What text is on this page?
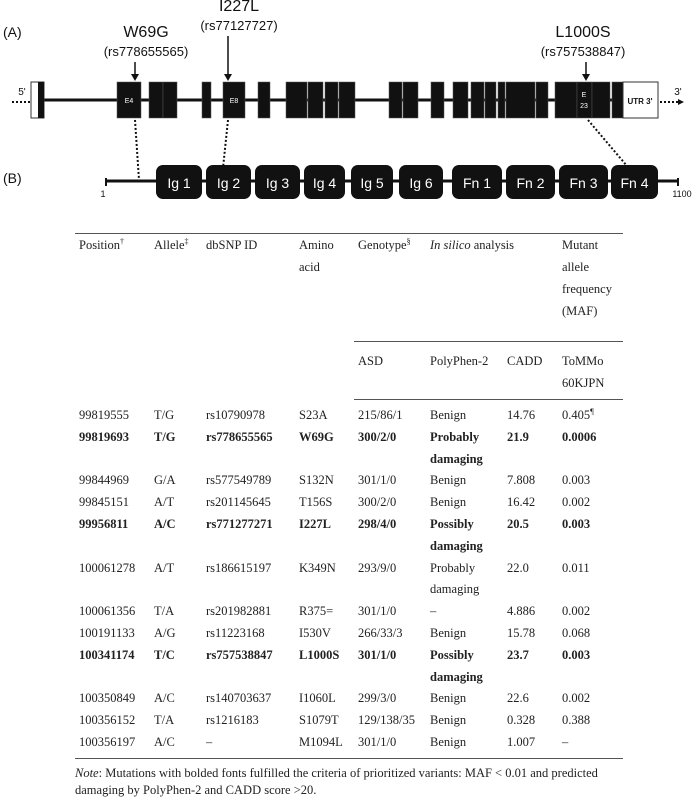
UTR 3'
E4	E8
E
23
5'	3'
Ig 1 Ig 2 Ig 3 Ig 4 Ig 5 Ig 6 Fn 1 Fn 2 Fn 3 Fn 4
1	1100
(A)
(B)
W69G
(rs778655565)
I227L
(rs77127727)	L1000S
(rs757538847)
Position†	Allele‡	dbSNP ID	Amino acid	Genotype§	In silico analysis		Mutant allele frequency (MAF)
				ASD	PolyPhen-2	CADD	ToMMo 60KJPN
99819555	T/G	rs10790978	S23A	215/86/1	Benign	14.76	0.405¶
99819693	T/G	rs778655565	W69G	300/2/0	Probably damaging	21.9	0.0006
99844969	G/A	rs577549789	S132N	301/1/0	Benign	7.808	0.003
99845151	A/T	rs201145645	T156S	300/2/0	Benign	16.42	0.002
99956811	A/C	rs771277271	I227L	298/4/0	Possibly damaging	20.5	0.003
100061278	A/T	rs186615197	K349N	293/9/0	Probably damaging	22.0	0.011
100061356	T/A	rs201982881	R375=	301/1/0	–	4.886	0.002
100191133	A/G	rs11223168	I530V	266/33/3	Benign	15.78	0.068
100341174	T/C	rs757538847	L1000S	301/1/0	Possibly damaging	23.7	0.003
100350849	A/C	rs140703637	I1060L	299/3/0	Benign	22.6	0.002
100356152	T/A	rs1216183	S1079T	129/138/35	Benign	0.328	0.388
100356197	A/C	–	M1094L	301/1/0	Benign	1.007	–
Note: Mutations with bolded fonts fulfilled the criteria of prioritized variants: MAF < 0.01 and predicted damaging by PolyPhen-2 and CADD score >20.
